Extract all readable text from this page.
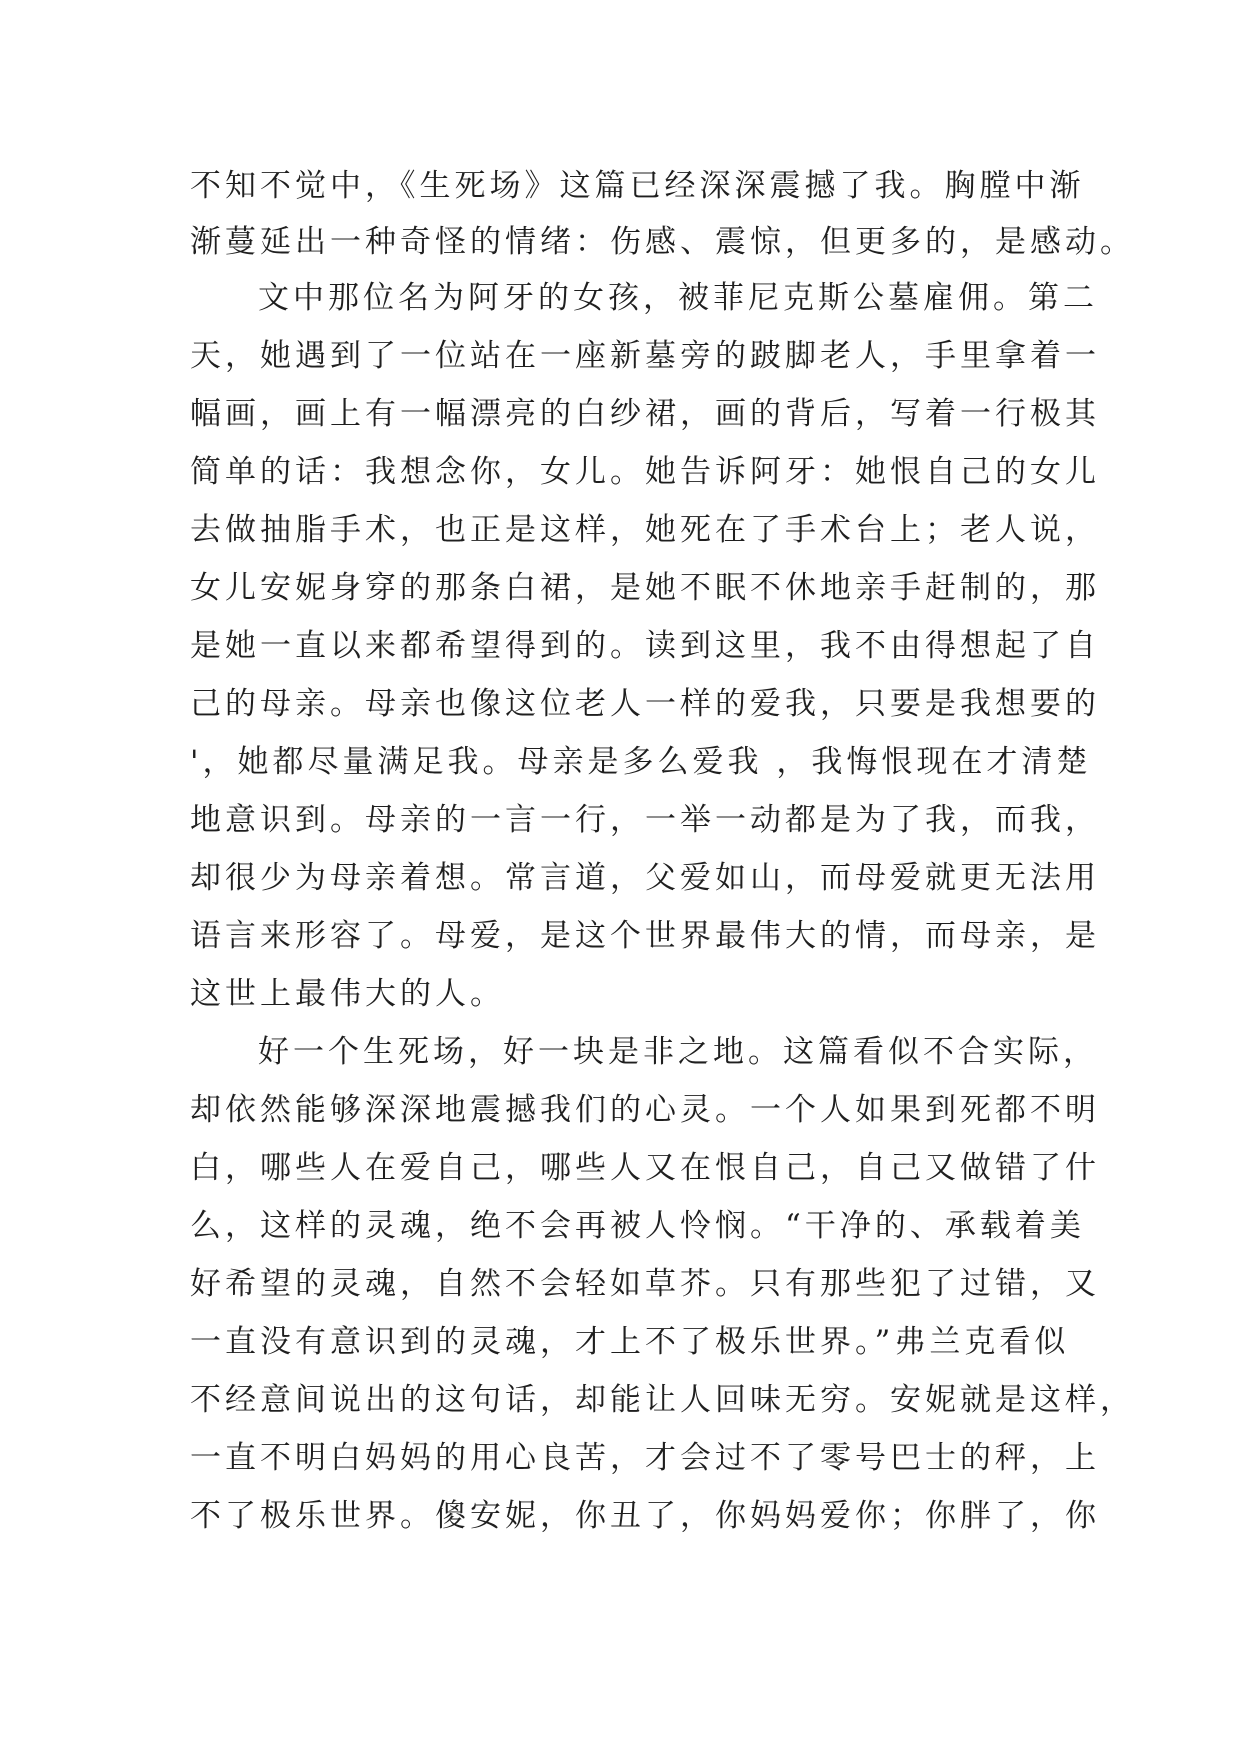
不知不觉中，《生死场》这篇已经深深震撼了我。胸膛中渐
渐蔓延出一种奇怪的情绪：伤感、震惊，但更多的，是感动。
文中那位名为阿牙的女孩，被菲尼克斯公墓雇佣。第二
天，她遇到了一位站在一座新墓旁的跛脚老人，手里拿着一
幅画，画上有一幅漂亮的白纱裙，画的背后，写着一行极其
简单的话：我想念你，女儿。她告诉阿牙：她恨自己的女儿
去做抽脂手术，也正是这样，她死在了手术台上；老人说，
女儿安妮身穿的那条白裙，是她不眠不休地亲手赶制的，那
是她一直以来都希望得到的。读到这里，我不由得想起了自
己的母亲。母亲也像这位老人一样的爱我，只要是我想要的
'，她都尽量满足我。母亲是多么爱我 ，我悔恨现在才清楚
地意识到。母亲的一言一行，一举一动都是为了我，而我，
却很少为母亲着想。常言道，父爱如山，而母爱就更无法用
语言来形容了。母爱，是这个世界最伟大的情，而母亲，是
这世上最伟大的人。
好一个生死场，好一块是非之地。这篇看似不合实际，
却依然能够深深地震撼我们的心灵。一个人如果到死都不明
白，哪些人在爱自己，哪些人又在恨自己，自己又做错了什
么，这样的灵魂，绝不会再被人怜悯。“干净的、承载着美
好希望的灵魂，自然不会轻如草芥。只有那些犯了过错，又
一直没有意识到的灵魂，才上不了极乐世界。”弗兰克看似
不经意间说出的这句话，却能让人回味无穷。安妮就是这样，
一直不明白妈妈的用心良苦，才会过不了零号巴士的秤，上
不了极乐世界。傻安妮，你丑了，你妈妈爱你；你胖了，你
